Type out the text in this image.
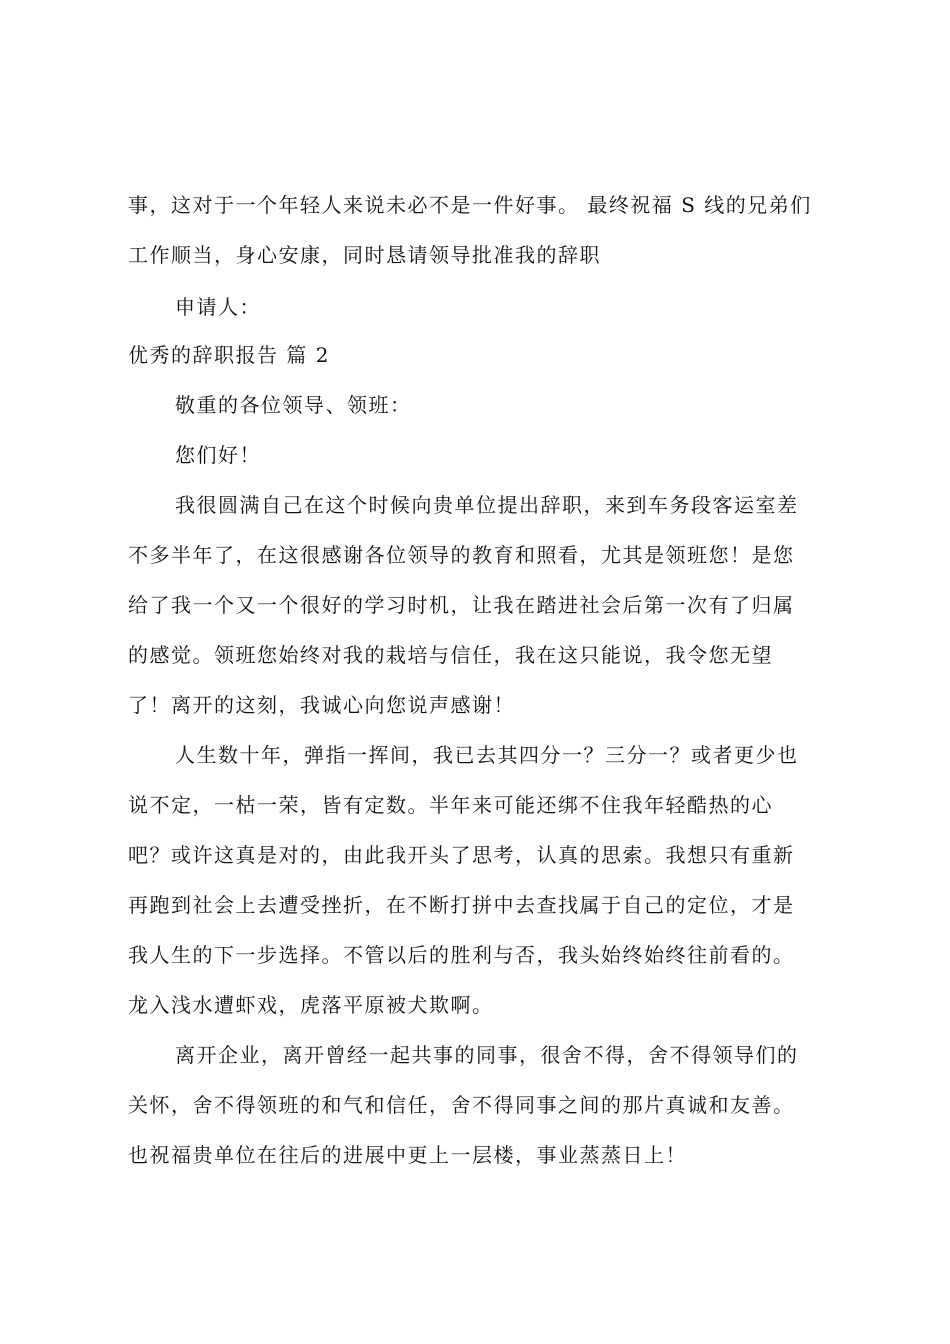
事，这对于一个年轻人来说未必不是一件好事。 最终祝福 S 线的兄弟们
工作顺当，身心安康，同时恳请领导批准我的辞职
申请人：
优秀的辞职报告 篇 2
敬重的各位领导、领班：
您们好！
我很圆满自己在这个时候向贵单位提出辞职，来到车务段客运室差
不多半年了，在这很感谢各位领导的教育和照看，尤其是领班您！是您
给了我一个又一个很好的学习时机，让我在踏进社会后第一次有了归属
的感觉。领班您始终对我的栽培与信任，我在这只能说，我令您无望
了！离开的这刻，我诚心向您说声感谢！
人生数十年，弹指一挥间，我已去其四分一？三分一？或者更少也
说不定，一枯一荣，皆有定数。半年来可能还绑不住我年轻酷热的心
吧？或许这真是对的，由此我开头了思考，认真的思索。我想只有重新
再跑到社会上去遭受挫折，在不断打拼中去查找属于自己的定位，才是
我人生的下一步选择。不管以后的胜利与否，我头始终始终往前看的。
龙入浅水遭虾戏，虎落平原被犬欺啊。
离开企业，离开曾经一起共事的同事，很舍不得，舍不得领导们的
关怀，舍不得领班的和气和信任，舍不得同事之间的那片真诚和友善。
也祝福贵单位在往后的进展中更上一层楼，事业蒸蒸日上！
